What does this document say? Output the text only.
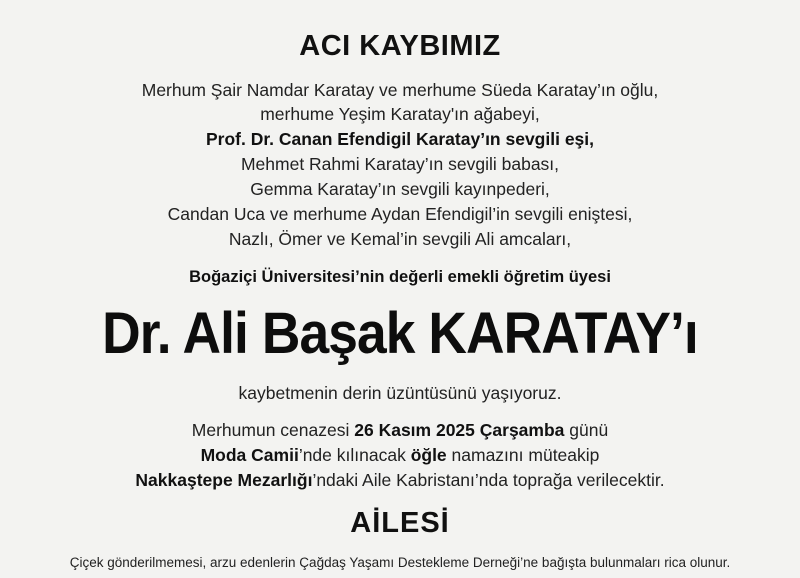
ACI KAYBIMIZ
Merhum Şair Namdar Karatay ve merhume Süeda Karatay’ın oğlu,
merhume Yeşim Karatay'ın ağabeyi,
Prof. Dr. Canan Efendigil Karatay’ın sevgili eşi,
Mehmet Rahmi Karatay’ın sevgili babası,
Gemma Karatay’ın sevgili kayınpederi,
Candan Uca ve merhume Aydan Efendigil’in sevgili eniştesi,
Nazlı, Ömer ve Kemal’in sevgili Ali amcaları,
Boğaziçi Üniversitesi’nin değerli emekli öğretim üyesi
Dr. Ali Başak KARATAY’ı
kaybetmenin derin üzüntüsünü yaşıyoruz.
Merhumun cenazesi 26 Kasım 2025 Çarşamba günü
Moda Camii’nde kılınacak öğle namazını müteakip
Nakkaştepe Mezarlığı’ndaki Aile Kabristanı’nda toprağa verilecektir.
AİLESİ
Çiçek gönderilmemesi, arzu edenlerin Çağdaş Yaşamı Destekleme Derneği’ne bağışta bulunmaları rica olunur.
